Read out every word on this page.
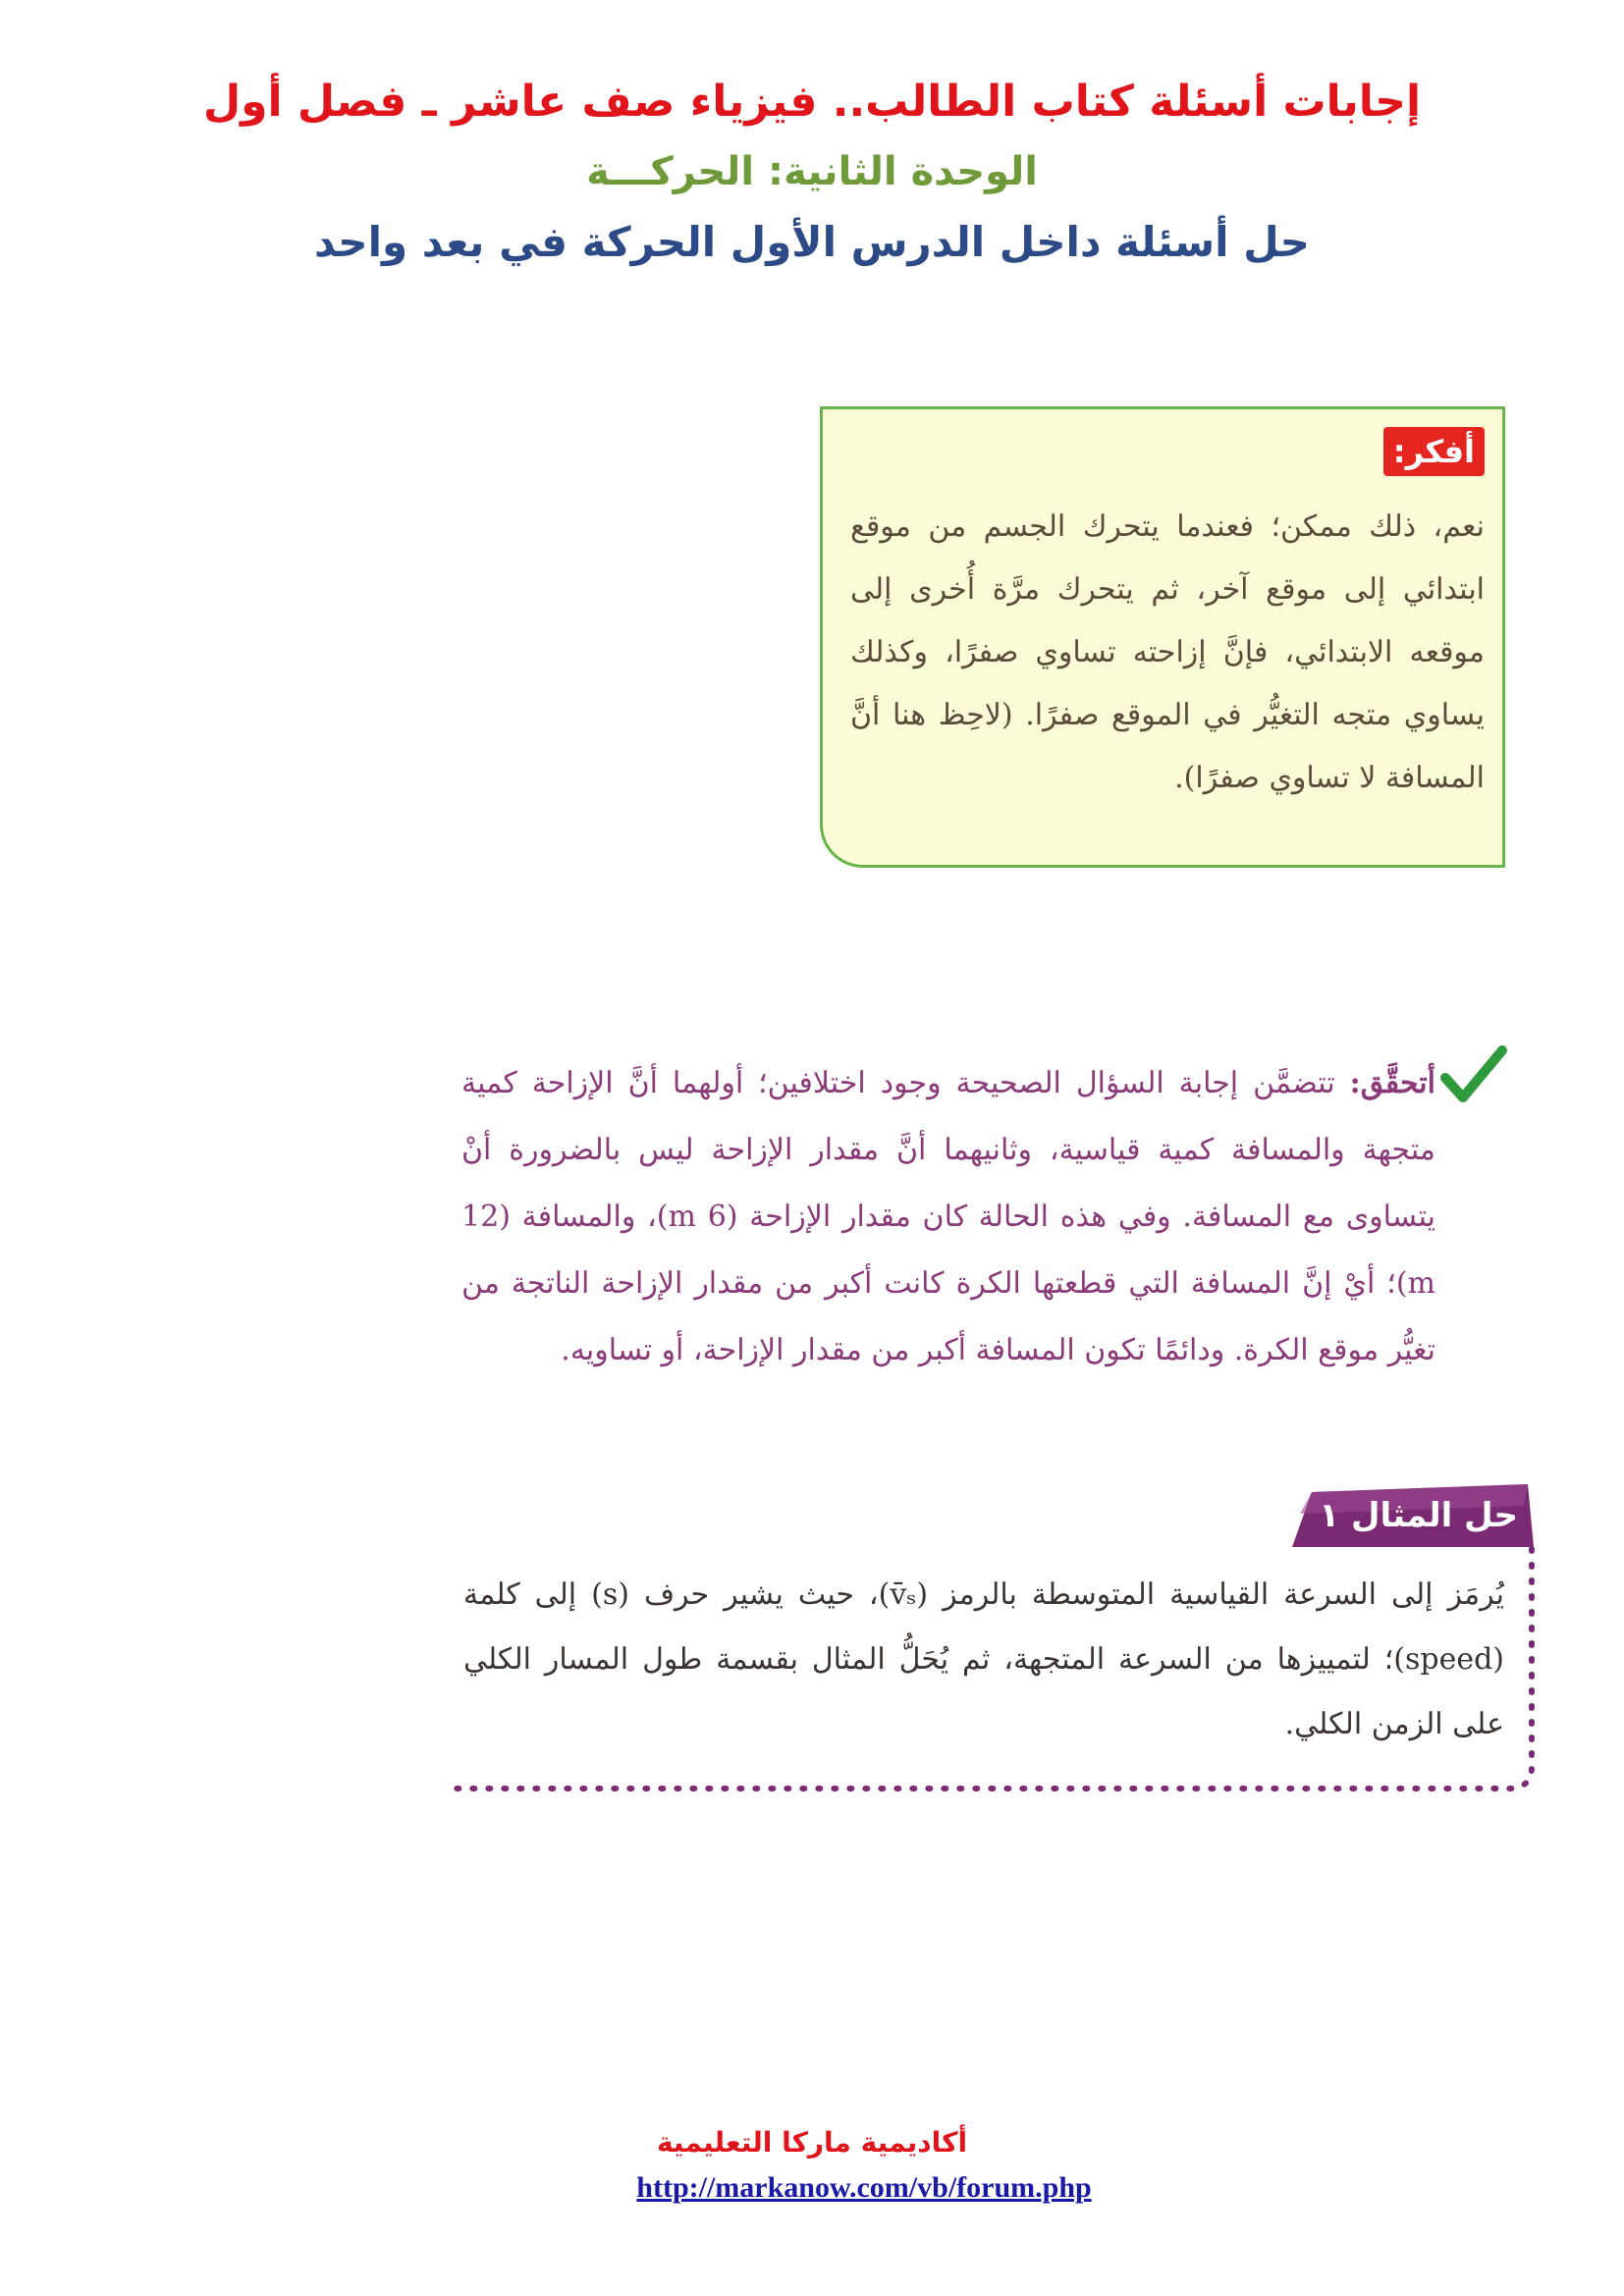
إجابات أسئلة كتاب الطالب.. فيزياء صف عاشر ـ فصل أول
الوحدة الثانية: الحركـــة
حل أسئلة داخل الدرس الأول الحركة في بعد واحد
أفكر:
نعم، ذلك ممكن؛ فعندما يتحرك الجسم من موقع ابتدائي إلى موقع آخر، ثم يتحرك مرَّة أُخرى إلى موقعه الابتدائي، فإنَّ إزاحته تساوي صفرًا، وكذلك يساوي متجه التغيُّر في الموقع صفرًا. (لاحِظ هنا أنَّ المسافة لا تساوي صفرًا).
أتحقَّق: تتضمَّن إجابة السؤال الصحيحة وجود اختلافين؛ أولهما أنَّ الإزاحة كمية متجهة والمسافة كمية قياسية، وثانيهما أنَّ مقدار الإزاحة ليس بالضرورة أنْ يتساوى مع المسافة. وفي هذه الحالة كان مقدار الإزاحة (6 m)، والمسافة (12 m)؛ أيْ إنَّ المسافة التي قطعتها الكرة كانت أكبر من مقدار الإزاحة الناتجة من تغيُّر موقع الكرة. ودائمًا تكون المسافة أكبر من مقدار الإزاحة، أو تساويه.
حل المثال ١
يُرمَز إلى السرعة القياسية المتوسطة بالرمز (v̄ₛ)، حيث يشير حرف (s) إلى كلمة (speed)؛ لتمييزها من السرعة المتجهة، ثم يُحَلُّ المثال بقسمة طول المسار الكلي على الزمن الكلي.
أكاديمية ماركا التعليمية
http://markanow.com/vb/forum.php
